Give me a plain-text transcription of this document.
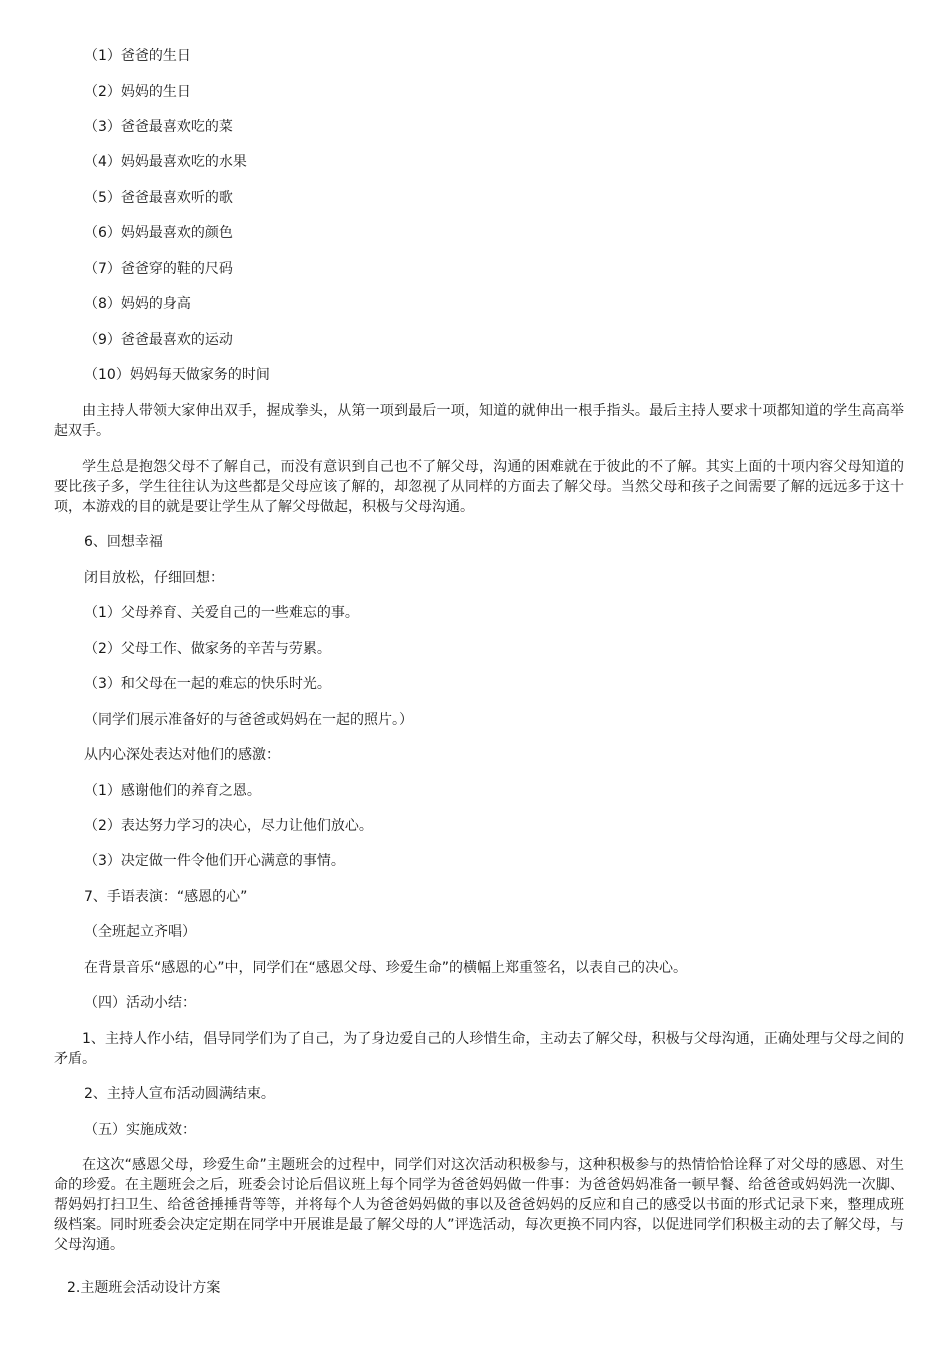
（1）爸爸的生日
（2）妈妈的生日
（3）爸爸最喜欢吃的菜
（4）妈妈最喜欢吃的水果
（5）爸爸最喜欢听的歌
（6）妈妈最喜欢的颜色
（7）爸爸穿的鞋的尺码
（8）妈妈的身高
（9）爸爸最喜欢的运动
（10）妈妈每天做家务的时间
由主持人带领大家伸出双手，握成拳头，从第一项到最后一项，知道的就伸出一根手指头。最后主持人要求十项都知道的学生高高举起双手。
学生总是抱怨父母不了解自己，而没有意识到自己也不了解父母，沟通的困难就在于彼此的不了解。其实上面的十项内容父母知道的要比孩子多，学生往往认为这些都是父母应该了解的，却忽视了从同样的方面去了解父母。当然父母和孩子之间需要了解的远远多于这十项，本游戏的目的就是要让学生从了解父母做起，积极与父母沟通。
6、回想幸福
闭目放松，仔细回想：
（1）父母养育、关爱自己的一些难忘的事。
（2）父母工作、做家务的辛苦与劳累。
（3）和父母在一起的难忘的快乐时光。
（同学们展示准备好的与爸爸或妈妈在一起的照片。）
从内心深处表达对他们的感激：
（1）感谢他们的养育之恩。
（2）表达努力学习的决心，尽力让他们放心。
（3）决定做一件令他们开心满意的事情。
7、手语表演：“感恩的心”
（全班起立齐唱）
在背景音乐“感恩的心”中，同学们在“感恩父母、珍爱生命”的横幅上郑重签名，以表自己的决心。
（四）活动小结：
1、主持人作小结，倡导同学们为了自己，为了身边爱自己的人珍惜生命，主动去了解父母，积极与父母沟通，正确处理与父母之间的矛盾。
2、主持人宣布活动圆满结束。
（五）实施成效：
在这次“感恩父母，珍爱生命”主题班会的过程中，同学们对这次活动积极参与，这种积极参与的热情恰恰诠释了对父母的感恩、对生命的珍爱。在主题班会之后，班委会讨论后倡议班上每个同学为爸爸妈妈做一件事：为爸爸妈妈准备一顿早餐、给爸爸或妈妈洗一次脚、帮妈妈打扫卫生、给爸爸捶捶背等等，并将每个人为爸爸妈妈做的事以及爸爸妈妈的反应和自己的感受以书面的形式记录下来，整理成班级档案。同时班委会决定定期在同学中开展谁是最了解父母的人”评选活动，每次更换不同内容，以促进同学们积极主动的去了解父母，与父母沟通。
2.主题班会活动设计方案
